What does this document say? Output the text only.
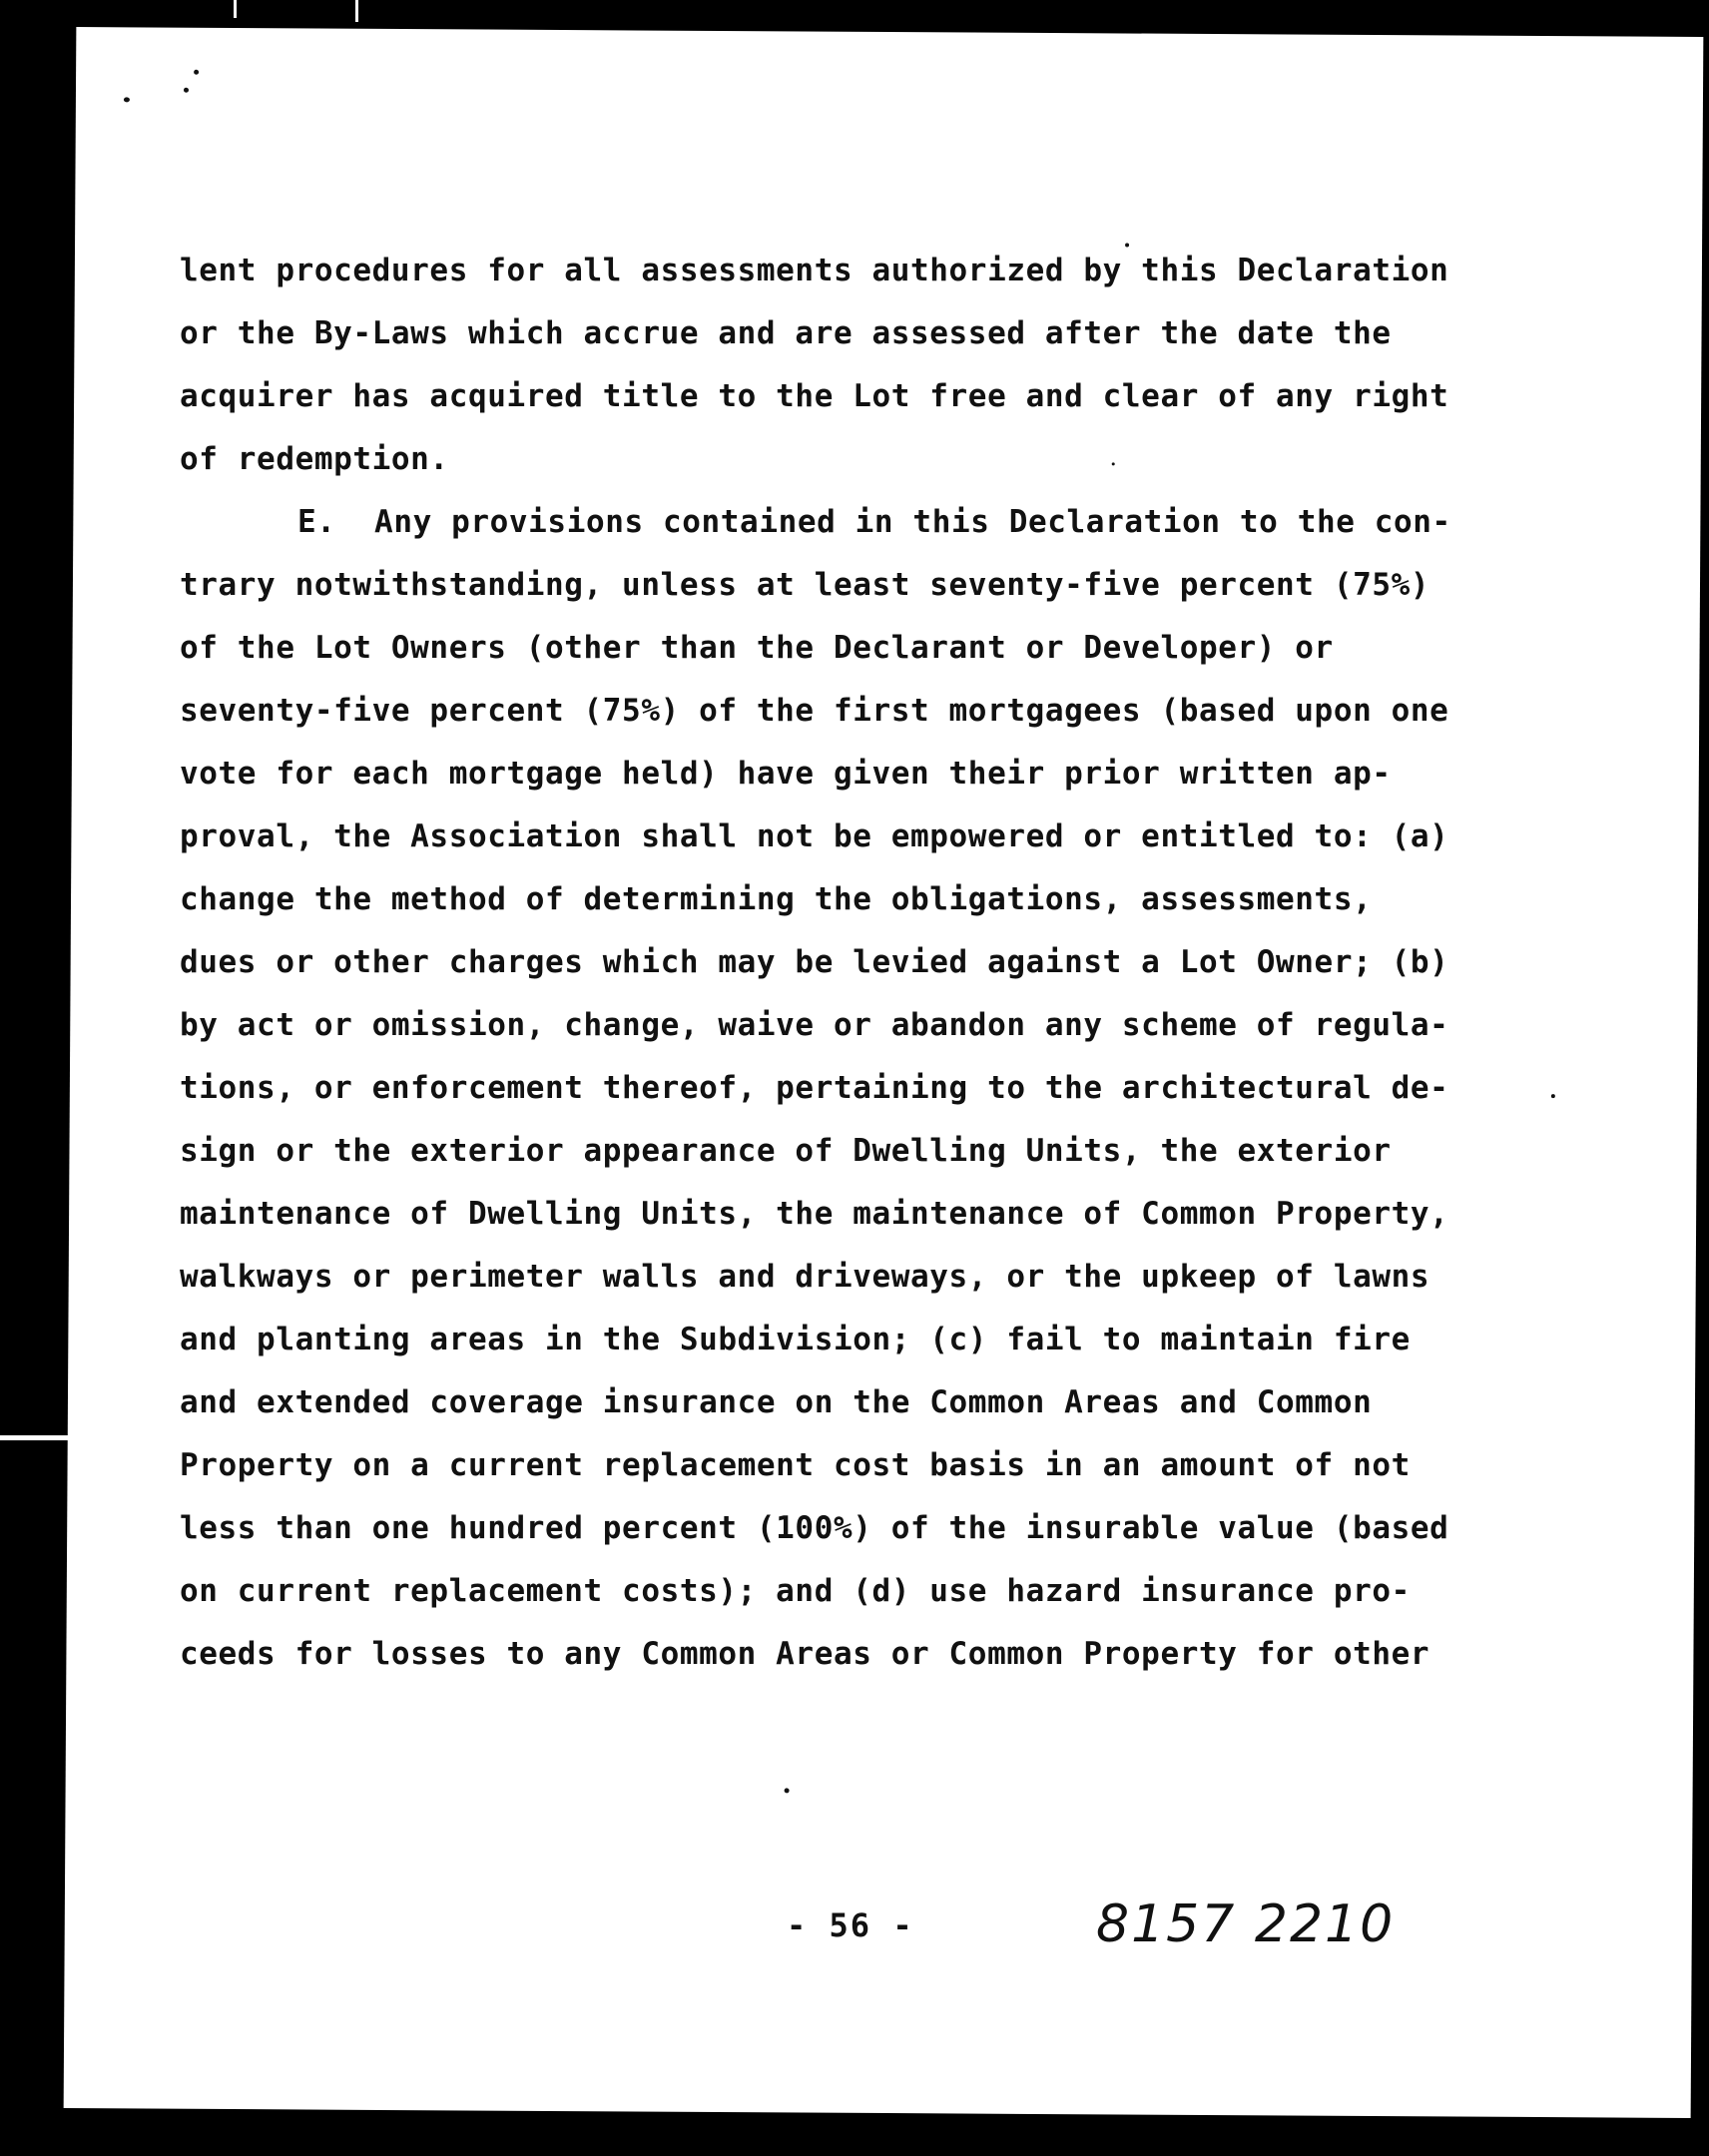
lent procedures for all assessments authorized by this Declaration
or the By-Laws which accrue and are assessed after the date the
acquirer has acquired title to the Lot free and clear of any right
of redemption.
E.  Any provisions contained in this Declaration to the con-
trary notwithstanding, unless at least seventy-five percent (75%)
of the Lot Owners (other than the Declarant or Developer) or
seventy-five percent (75%) of the first mortgagees (based upon one
vote for each mortgage held) have given their prior written ap-
proval, the Association shall not be empowered or entitled to: (a)
change the method of determining the obligations, assessments,
dues or other charges which may be levied against a Lot Owner; (b)
by act or omission, change, waive or abandon any scheme of regula-
tions, or enforcement thereof, pertaining to the architectural de-
sign or the exterior appearance of Dwelling Units, the exterior
maintenance of Dwelling Units, the maintenance of Common Property,
walkways or perimeter walls and driveways, or the upkeep of lawns
and planting areas in the Subdivision; (c) fail to maintain fire
and extended coverage insurance on the Common Areas and Common
Property on a current replacement cost basis in an amount of not
less than one hundred percent (100%) of the insurable value (based
on current replacement costs); and (d) use hazard insurance pro-
ceeds for losses to any Common Areas or Common Property for other
- 56 -	8157 2210
